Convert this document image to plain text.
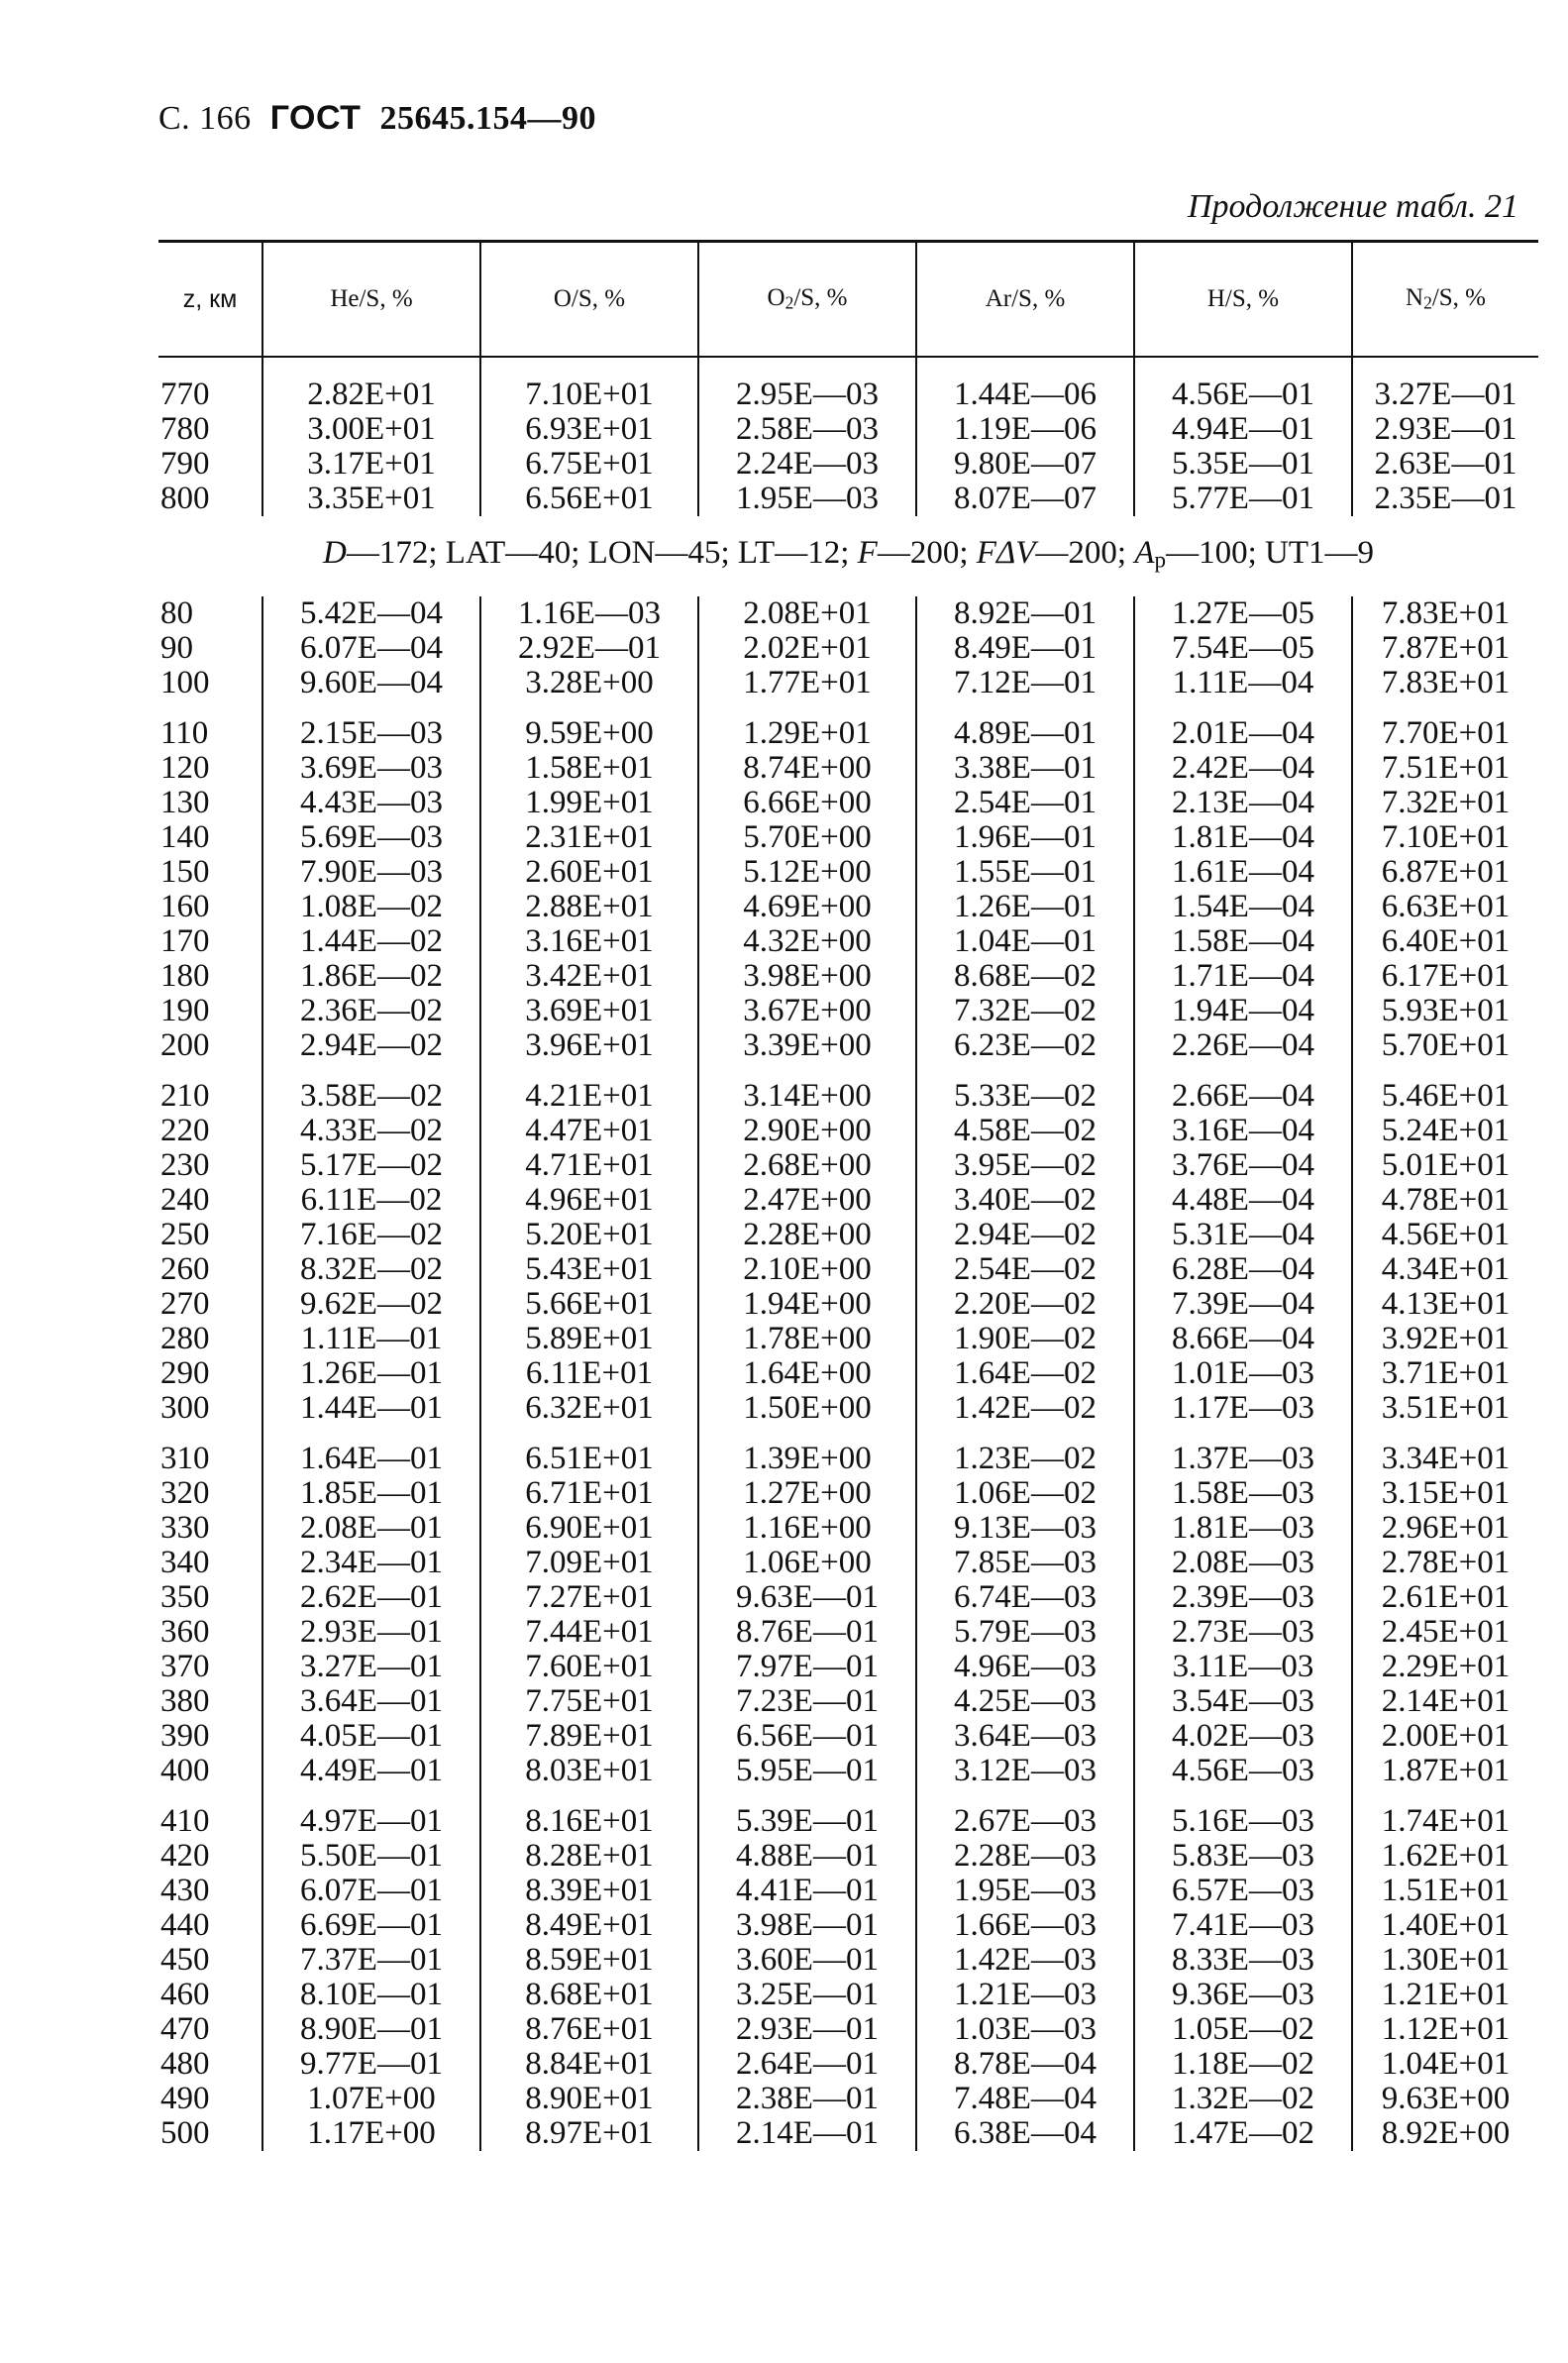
С. 166 ГОСТ 25645.154—90
Продолжение табл. 21
z, км	He/S, %	O/S, %	$O_2/S$, %	Ar/S, %	H/S, %	$N_2/S$, %

770	2.82E+01	7.10E+01	2.95E—03	1.44E—06	4.56E—01	3.27E—01
780	3.00E+01	6.93E+01	2.58E—03	1.19E—06	4.94E—01	2.93E—01
790	3.17E+01	6.75E+01	2.24E—03	9.80E—07	5.35E—01	2.63E—01
800	3.35E+01	6.56E+01	1.95E—03	8.07E—07	5.77E—01	2.35E—01
D—172; LAT—40; LON—45; LT—12; F—200; FΔV—200; $A_p—100$; UT1—9						
80	5.42E—04	1.16E—03	2.08E+01	8.92E—01	1.27E—05	7.83E+01
90	6.07E—04	2.92E—01	2.02E+01	8.49E—01	7.54E—05	7.87E+01
100	9.60E—04	3.28E+00	1.77E+01	7.12E—01	1.11E—04	7.83E+01

110	2.15E—03	9.59E+00	1.29E+01	4.89E—01	2.01E—04	7.70E+01
120	3.69E—03	1.58E+01	8.74E+00	3.38E—01	2.42E—04	7.51E+01
130	4.43E—03	1.99E+01	6.66E+00	2.54E—01	2.13E—04	7.32E+01
140	5.69E—03	2.31E+01	5.70E+00	1.96E—01	1.81E—04	7.10E+01
150	7.90E—03	2.60E+01	5.12E+00	1.55E—01	1.61E—04	6.87E+01
160	1.08E—02	2.88E+01	4.69E+00	1.26E—01	1.54E—04	6.63E+01
170	1.44E—02	3.16E+01	4.32E+00	1.04E—01	1.58E—04	6.40E+01
180	1.86E—02	3.42E+01	3.98E+00	8.68E—02	1.71E—04	6.17E+01
190	2.36E—02	3.69E+01	3.67E+00	7.32E—02	1.94E—04	5.93E+01
200	2.94E—02	3.96E+01	3.39E+00	6.23E—02	2.26E—04	5.70E+01

210	3.58E—02	4.21E+01	3.14E+00	5.33E—02	2.66E—04	5.46E+01
220	4.33E—02	4.47E+01	2.90E+00	4.58E—02	3.16E—04	5.24E+01
230	5.17E—02	4.71E+01	2.68E+00	3.95E—02	3.76E—04	5.01E+01
240	6.11E—02	4.96E+01	2.47E+00	3.40E—02	4.48E—04	4.78E+01
250	7.16E—02	5.20E+01	2.28E+00	2.94E—02	5.31E—04	4.56E+01
260	8.32E—02	5.43E+01	2.10E+00	2.54E—02	6.28E—04	4.34E+01
270	9.62E—02	5.66E+01	1.94E+00	2.20E—02	7.39E—04	4.13E+01
280	1.11E—01	5.89E+01	1.78E+00	1.90E—02	8.66E—04	3.92E+01
290	1.26E—01	6.11E+01	1.64E+00	1.64E—02	1.01E—03	3.71E+01
300	1.44E—01	6.32E+01	1.50E+00	1.42E—02	1.17E—03	3.51E+01

310	1.64E—01	6.51E+01	1.39E+00	1.23E—02	1.37E—03	3.34E+01
320	1.85E—01	6.71E+01	1.27E+00	1.06E—02	1.58E—03	3.15E+01
330	2.08E—01	6.90E+01	1.16E+00	9.13E—03	1.81E—03	2.96E+01
340	2.34E—01	7.09E+01	1.06E+00	7.85E—03	2.08E—03	2.78E+01
350	2.62E—01	7.27E+01	9.63E—01	6.74E—03	2.39E—03	2.61E+01
360	2.93E—01	7.44E+01	8.76E—01	5.79E—03	2.73E—03	2.45E+01
370	3.27E—01	7.60E+01	7.97E—01	4.96E—03	3.11E—03	2.29E+01
380	3.64E—01	7.75E+01	7.23E—01	4.25E—03	3.54E—03	2.14E+01
390	4.05E—01	7.89E+01	6.56E—01	3.64E—03	4.02E—03	2.00E+01
400	4.49E—01	8.03E+01	5.95E—01	3.12E—03	4.56E—03	1.87E+01

410	4.97E—01	8.16E+01	5.39E—01	2.67E—03	5.16E—03	1.74E+01
420	5.50E—01	8.28E+01	4.88E—01	2.28E—03	5.83E—03	1.62E+01
430	6.07E—01	8.39E+01	4.41E—01	1.95E—03	6.57E—03	1.51E+01
440	6.69E—01	8.49E+01	3.98E—01	1.66E—03	7.41E—03	1.40E+01
450	7.37E—01	8.59E+01	3.60E—01	1.42E—03	8.33E—03	1.30E+01
460	8.10E—01	8.68E+01	3.25E—01	1.21E—03	9.36E—03	1.21E+01
470	8.90E—01	8.76E+01	2.93E—01	1.03E—03	1.05E—02	1.12E+01
480	9.77E—01	8.84E+01	2.64E—01	8.78E—04	1.18E—02	1.04E+01
490	1.07E+00	8.90E+01	2.38E—01	7.48E—04	1.32E—02	9.63E+00
500	1.17E+00	8.97E+01	2.14E—01	6.38E—04	1.47E—02	8.92E+00
